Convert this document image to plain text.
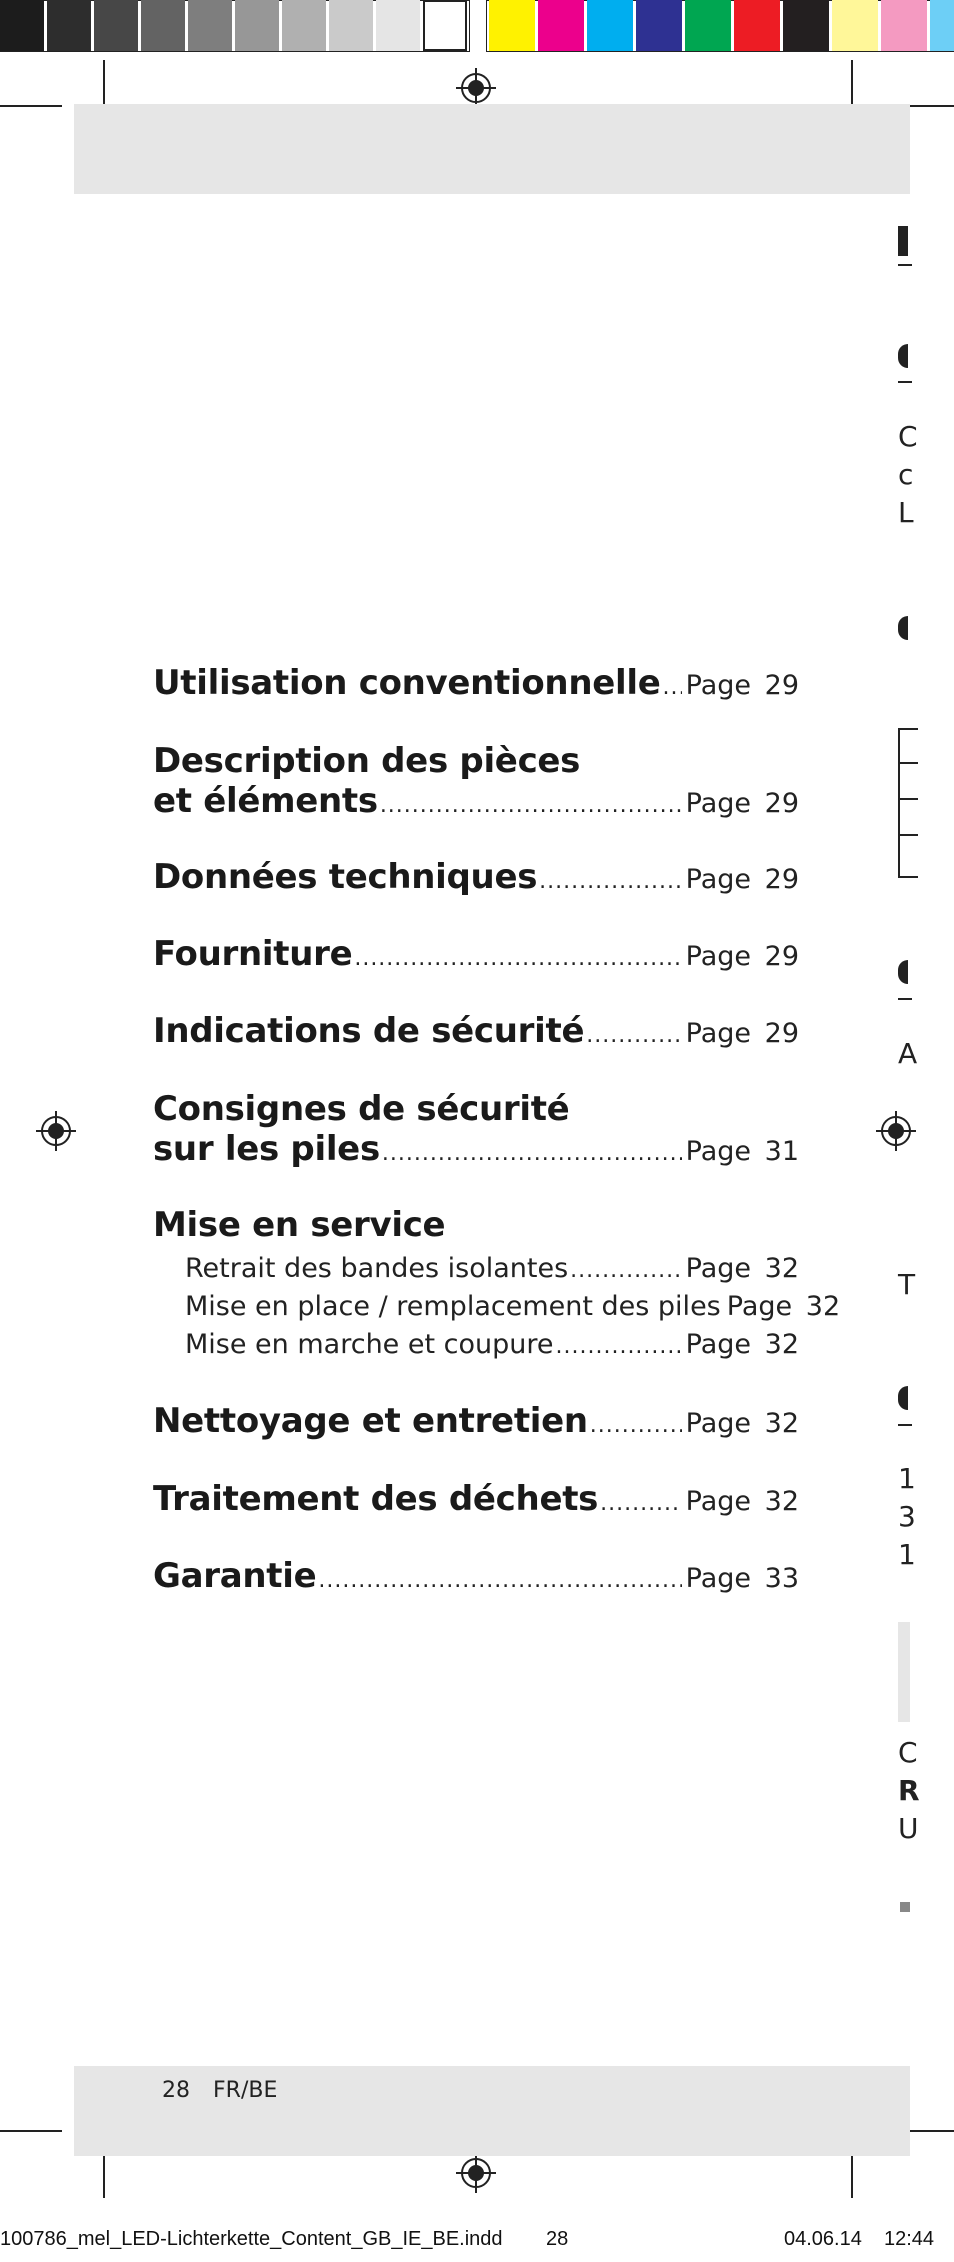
Utilisation conventionnelle ..... Page 29
Description des pièces
et éléments .....	Page 29
Données techniques .....	Page 29
Fourniture .....	Page 29
Indications de sécurité .....	Page 29
Consignes de sécurité
sur les piles .....	Page 31
Mise en service
Retrait des bandes isolantes .....	Page 32
Mise en place / remplacement des piles Page 32
Mise en marche et coupure .....	Page 32
Nettoyage et entretien .....	Page 32
Traitement des déchets .....	Page 32
Garantie .....	Page 33
C
c
L
A
T
1
3
1
C
R
U
28 FR/BE
100786_mel_LED-Lichterkette_Content_GB_IE_BE.indd 28	04.06.14 12:44
